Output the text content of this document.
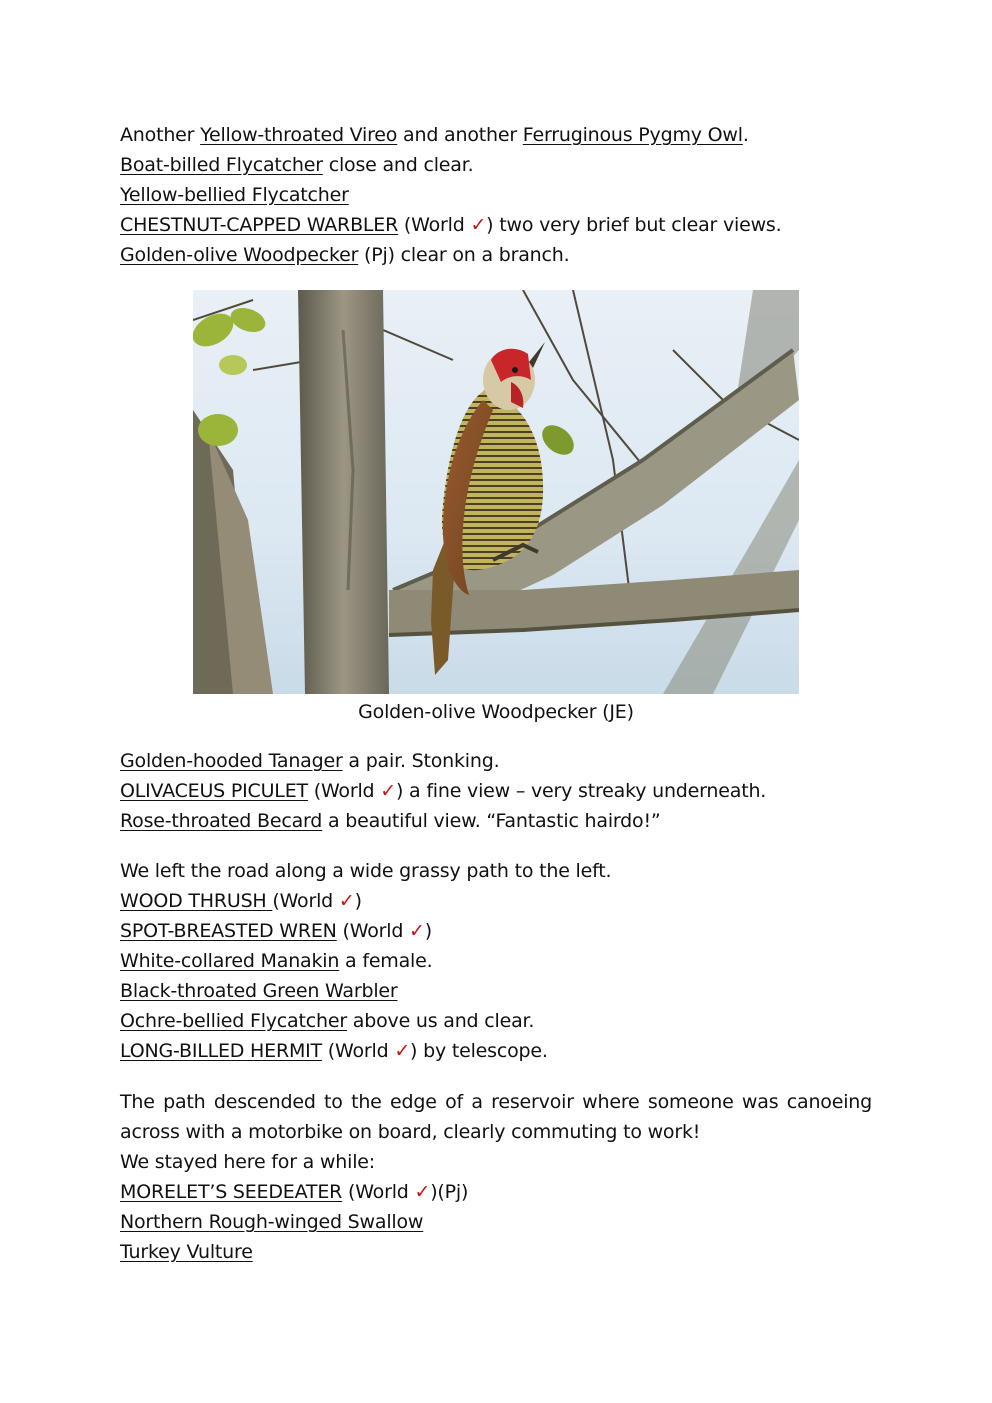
Another Yellow-throated Vireo and another Ferruginous Pygmy Owl.
Boat-billed Flycatcher close and clear.
Yellow-bellied Flycatcher
CHESTNUT-CAPPED WARBLER (World ✓) two very brief but clear views.
Golden-olive Woodpecker (Pj) clear on a branch.
Golden-olive Woodpecker (JE)
Golden-hooded Tanager a pair. Stonking.
OLIVACEUS PICULET (World ✓) a fine view – very streaky underneath.
Rose-throated Becard a beautiful view. “Fantastic hairdo!”
We left the road along a wide grassy path to the left.
WOOD THRUSH (World ✓)
SPOT-BREASTED WREN (World ✓)
White-collared Manakin a female.
Black-throated Green Warbler
Ochre-bellied Flycatcher above us and clear.
LONG-BILLED HERMIT (World ✓) by telescope.
The path descended to the edge of a reservoir where someone was canoeing across with a motorbike on board, clearly commuting to work!
We stayed here for a while:
MORELET’S SEEDEATER (World ✓)(Pj)
Northern Rough-winged Swallow
Turkey Vulture
